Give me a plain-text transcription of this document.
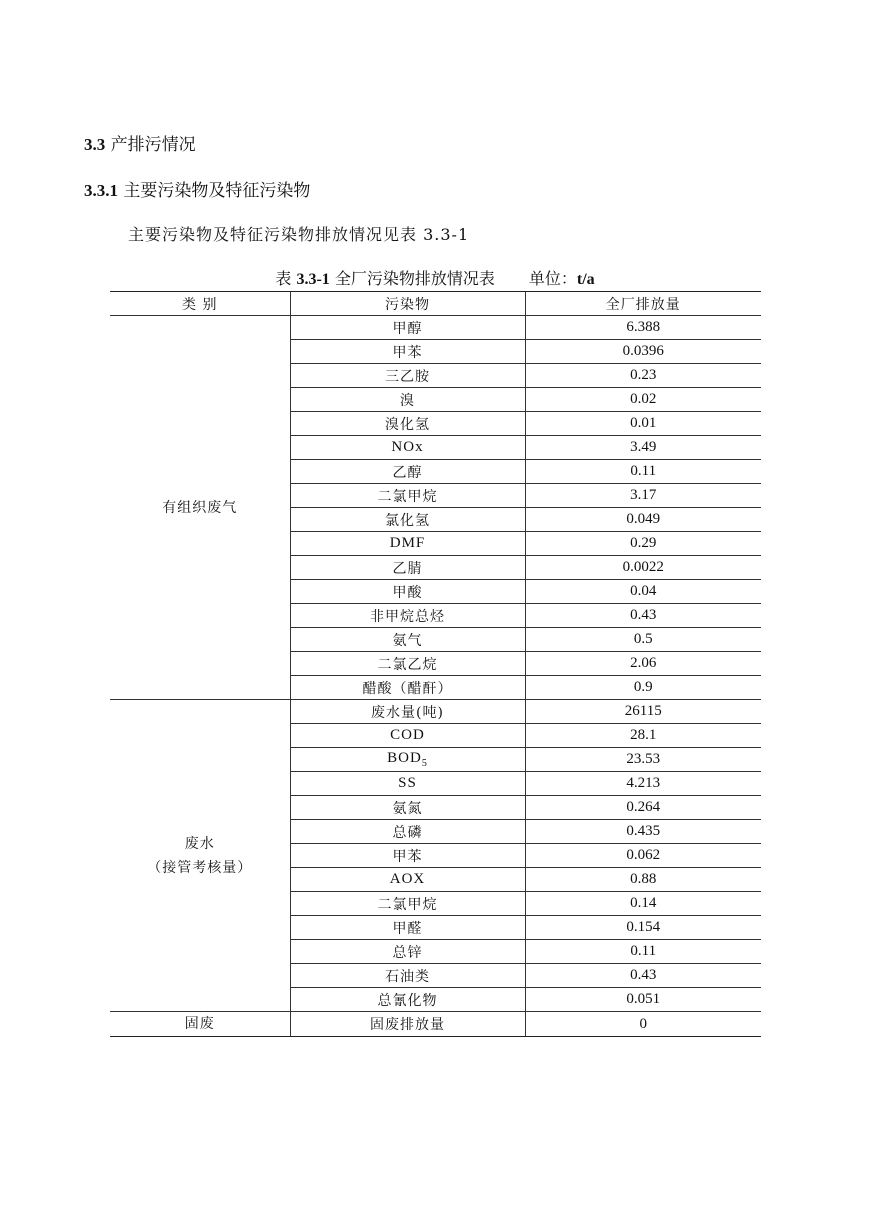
3.3 产排污情况
3.3.1 主要污染物及特征污染物

主要污染物及特征污染物排放情况见表 3.3-1

表 3.3-1 全厂污染物排放情况表 单位：t/a
类 别	污染物	全厂排放量

有组织废气	甲醇	6.388
	甲苯	0.0396
	三乙胺	0.23
	溴	0.02
	溴化氢	0.01
	NOx	3.49
	乙醇	0.11
	二氯甲烷	3.17
	氯化氢	0.049
	DMF	0.29
	乙腈	0.0022
	甲酸	0.04
	非甲烷总烃	0.43
	氨气	0.5
	二氯乙烷	2.06
	醋酸（醋酐）	0.9

废水
（接管考核量）	废水量(吨)	26115
	COD	28.1
	$BOD_5$	23.53
	SS	4.213
	氨氮	0.264
	总磷	0.435
	甲苯	0.062
	AOX	0.88
	二氯甲烷	0.14
	甲醛	0.154
	总锌	0.11
	石油类	0.43
	总氰化物	0.051

固废	固废排放量	0
